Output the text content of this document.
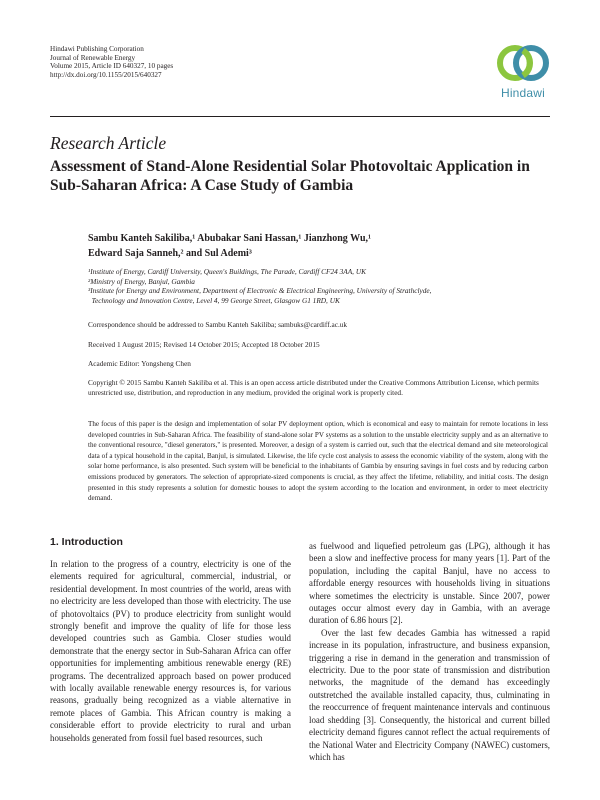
Hindawi Publishing Corporation
Journal of Renewable Energy
Volume 2015, Article ID 640327, 10 pages
http://dx.doi.org/10.1155/2015/640327
Hindawi
Research Article
Assessment of Stand-Alone Residential Solar Photovoltaic Application in Sub-Saharan Africa: A Case Study of Gambia
Sambu Kanteh Sakiliba,¹ Abubakar Sani Hassan,¹ Jianzhong Wu,¹
Edward Saja Sanneh,² and Sul Ademi³

¹Institute of Energy, Cardiff University, Queen's Buildings, The Parade, Cardiff CF24 3AA, UK

²Ministry of Energy, Banjul, Gambia

³Institute for Energy and Environment, Department of Electronic & Electrical Engineering, University of Strathclyde,

Technology and Innovation Centre, Level 4, 99 George Street, Glasgow G1 1RD, UK

Correspondence should be addressed to Sambu Kanteh Sakiliba; sambuks@cardiff.ac.uk
Received 1 August 2015; Revised 14 October 2015; Accepted 18 October 2015
Academic Editor: Yongsheng Chen
Copyright © 2015 Sambu Kanteh Sakiliba et al. This is an open access article distributed under the Creative Commons Attribution License, which permits unrestricted use, distribution, and reproduction in any medium, provided the original work is properly cited.
The focus of this paper is the design and implementation of solar PV deployment option, which is economical and easy to maintain for remote locations in less developed countries in Sub-Saharan Africa. The feasibility of stand-alone solar PV systems as a solution to the unstable electricity supply and as an alternative to the conventional resource, "diesel generators," is presented. Moreover, a design of a system is carried out, such that the electrical demand and site meteorological data of a typical household in the capital, Banjul, is simulated. Likewise, the life cycle cost analysis to assess the economic viability of the system, along with the solar home performance, is also presented. Such system will be beneficial to the inhabitants of Gambia by ensuring savings in fuel costs and by reducing carbon emissions produced by generators. The selection of appropriate-sized components is crucial, as they affect the lifetime, reliability, and initial costs. The design presented in this study represents a solution for domestic houses to adopt the system according to the location and environment, in order to meet electricity demand.
1. Introduction

In relation to the progress of a country, electricity is one of the elements required for agricultural, commercial, industrial, or residential development. In most countries of the world, areas with no electricity are less developed than those with electricity. The use of photovoltaics (PV) to produce electricity from sunlight would strongly benefit and improve the quality of life for those less developed countries such as Gambia. Closer studies would demonstrate that the energy sector in Sub-Saharan Africa can offer opportunities for implementing ambitious renewable energy (RE) programs. The decentralized approach based on power produced with locally available renewable energy resources is, for various reasons, gradually being recognized as a viable alternative in remote places of Gambia. This African country is making a considerable effort to provide electricity to rural and urban households generated from fossil fuel based resources, such

as fuelwood and liquefied petroleum gas (LPG), although it has been a slow and ineffective process for many years [1]. Part of the population, including the capital Banjul, have no access to affordable energy resources with households living in situations where sometimes the electricity is unstable. Since 2007, power outages occur almost every day in Gambia, with an average duration of 6.86 hours [2].

Over the last few decades Gambia has witnessed a rapid increase in its population, infrastructure, and business expansion, triggering a rise in demand in the generation and transmission of electricity. Due to the poor state of transmission and distribution networks, the magnitude of the demand has exceedingly outstretched the available installed capacity, thus, culminating in the reoccurrence of frequent maintenance intervals and continuous load shedding [3]. Consequently, the historical and current billed electricity demand figures cannot reflect the actual requirements of the National Water and Electricity Company (NAWEC) customers, which has
